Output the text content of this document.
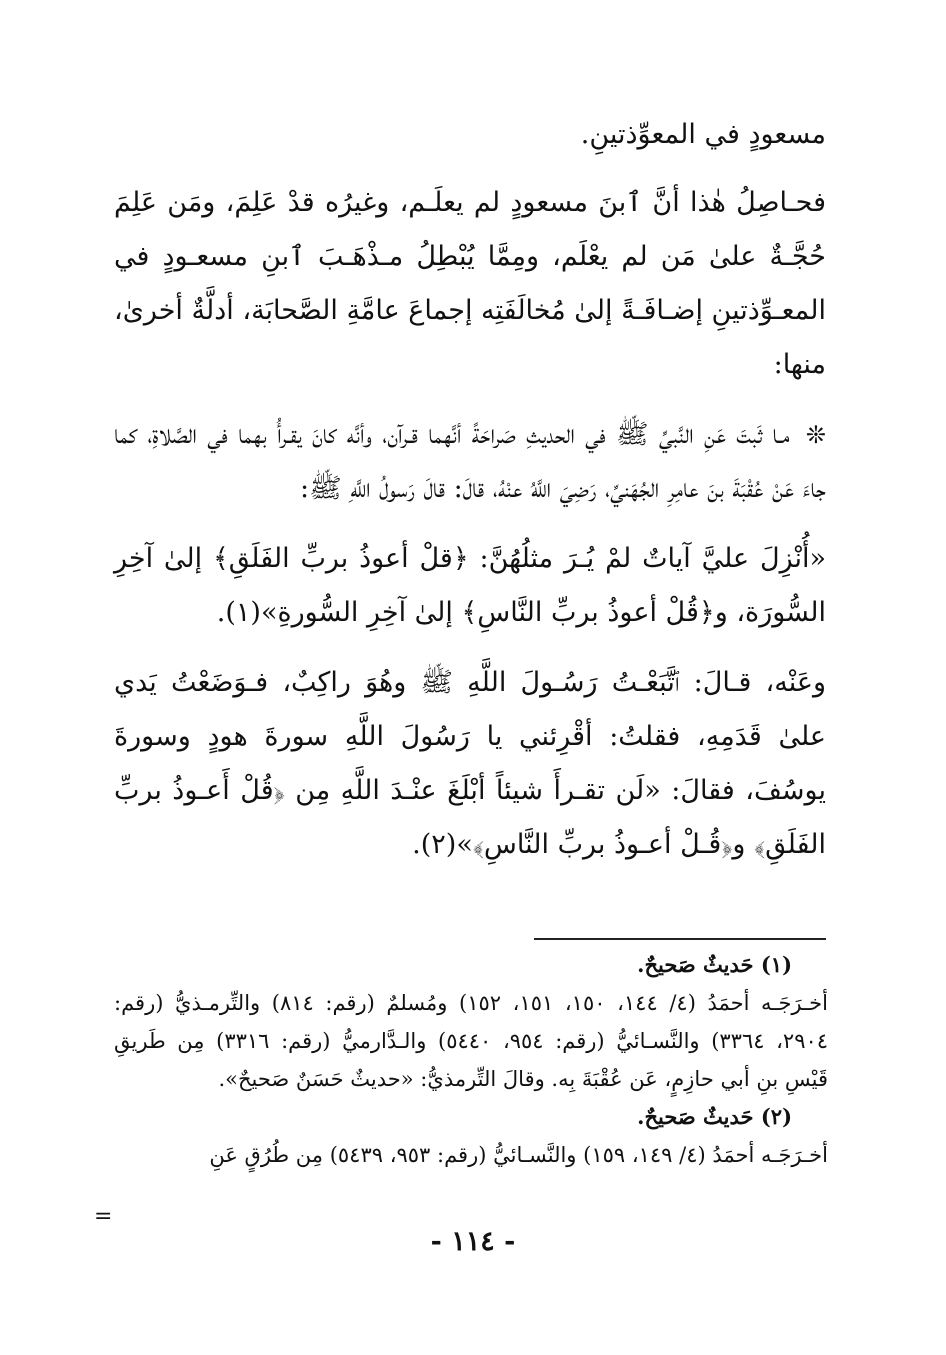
مسعودٍ في المعوِّذتينِ.

فحـاصِلُ هٰذا أنَّ ٱبنَ مسعودٍ لم يعلَـم، وغيرُه قدْ عَلِمَ، ومَن عَلِمَ حُجَّـةٌ علىٰ مَن لم يعْلَم، ومِمَّا يُبْطِلُ مـذْهَـبَ ٱبنِ مسعـودٍ في المعـوِّذتينِ إضـافَـةً إلىٰ مُخالَفَتِه إجماعَ عامَّةِ الصَّحابَة، أدلَّةٌ أخرىٰ، منها:

❊ مـا ثَبتَ عَنِ النَّبيِّ ﷺ في الحديثِ صَراحَةً أنَّهما قـرآن، وأنَّه كانَ يقـرأُ بهما في الصَّلاةِ، كما جاءَ عَنْ عُقْبَةَ بنَ عامِرِ الجُهَنيِّ، رَضِيَ اللَّهُ عنْهُ، قالَ: قالَ رَسولُ اللَّهِ ﷺ:

«أُنْزِلَ عليَّ آياتٌ لمْ يُـرَ مثلُهُنَّ: ﴿قلْ أعوذُ بربِّ الفَلَقِ﴾ إلىٰ آخِرِ السُّورَة، و﴿قُلْ أعوذُ بربِّ النَّاسِ﴾ إلىٰ آخِرِ السُّورةِ»(١).

وعَنْه، قـالَ: ٱتَّبَعْـتُ رَسُـولَ اللَّهِ ﷺ وهُوَ راكِبٌ، فـوَضَعْتُ يَدي علىٰ قَدَمِهِ، فقلتُ: أقْرِئني يا رَسُولَ اللَّهِ سورةَ هودٍ وسورةَ يوسُفَ، فقالَ: «لَن تقـرأَ شيئاً أبْلَغَ عنْـدَ اللَّهِ مِن ﴿قُلْ أَعـوذُ بربِّ الفَلَقِ﴾ و﴿قُـلْ أعـوذُ بربِّ النَّاسِ﴾»(٢).

(١) حَديثٌ صَحيحٌ.

أخـرَجَـه أحمَدُ (٤/ ١٤٤، ١٥٠، ١٥١، ١٥٢) ومُسلمٌ (رقم: ٨١٤) والتِّرمـذيُّ (رقم: ٢٩٠٤، ٣٣٦٤) والنَّسـائيُّ (رقم: ٩٥٤، ٥٤٤٠) والـدَّارميُّ (رقم: ٣٣١٦) مِن طَريقِ قَيْسِ بنِ أبي حازِمٍ، عَن عُقْبَةَ بِه. وقالَ التِّرمذيُّ: «حديثٌ حَسَنٌ صَحيحٌ».

(٢) حَديثٌ صَحيحٌ.

أخـرَجَـه أحمَدُ (٤/ ١٤٩، ١٥٩) والنَّسـائيُّ (رقم: ٩٥٣، ٥٤٣٩) مِن طُرُقٍ عَنِ

=
- ١١٤ -
